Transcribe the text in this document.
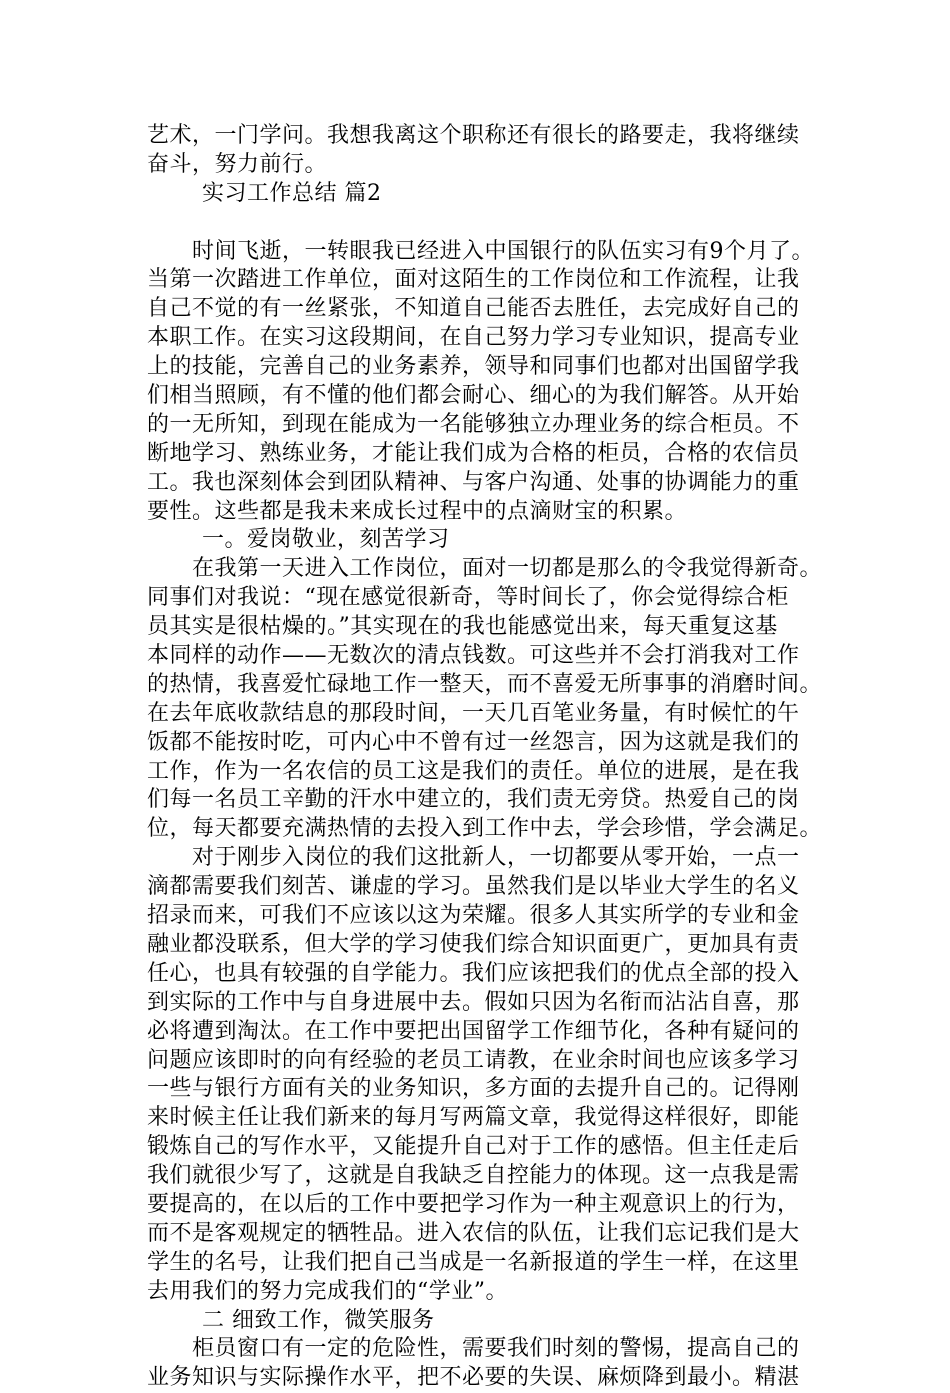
艺术，一门学问。我想我离这个职称还有很长的路要走，我将继续
奋斗，努力前行。
实习工作总结 篇2
　　时间飞逝，一转眼我已经进入中国银行的队伍实习有9个月了。
当第一次踏进工作单位，面对这陌生的工作岗位和工作流程，让我
自己不觉的有一丝紧张，不知道自己能否去胜任，去完成好自己的
本职工作。在实习这段期间，在自己努力学习专业知识，提高专业
上的技能，完善自己的业务素养，领导和同事们也都对出国留学我
们相当照顾，有不懂的他们都会耐心、细心的为我们解答。从开始
的一无所知，到现在能成为一名能够独立办理业务的综合柜员。不
断地学习、熟练业务，才能让我们成为合格的柜员，合格的农信员
工。我也深刻体会到团队精神、与客户沟通、处事的协调能力的重
要性。这些都是我未来成长过程中的点滴财宝的积累。
一。爱岗敬业，刻苦学习
　　在我第一天进入工作岗位，面对一切都是那么的令我觉得新奇。
同事们对我说：“现在感觉很新奇，等时间长了，你会觉得综合柜
员其实是很枯燥的。”其实现在的我也能感觉出来，每天重复这基
本同样的动作——无数次的清点钱数。可这些并不会打消我对工作
的热情，我喜爱忙碌地工作一整天，而不喜爱无所事事的消磨时间。
在去年底收款结息的那段时间，一天几百笔业务量，有时候忙的午
饭都不能按时吃，可内心中不曾有过一丝怨言，因为这就是我们的
工作，作为一名农信的员工这是我们的责任。单位的进展，是在我
们每一名员工辛勤的汗水中建立的，我们责无旁贷。热爱自己的岗
位，每天都要充满热情的去投入到工作中去，学会珍惜，学会满足。
　　对于刚步入岗位的我们这批新人，一切都要从零开始，一点一
滴都需要我们刻苦、谦虚的学习。虽然我们是以毕业大学生的名义
招录而来，可我们不应该以这为荣耀。很多人其实所学的专业和金
融业都没联系，但大学的学习使我们综合知识面更广，更加具有责
任心，也具有较强的自学能力。我们应该把我们的优点全部的投入
到实际的工作中与自身进展中去。假如只因为名衔而沾沾自喜，那
必将遭到淘汰。在工作中要把出国留学工作细节化，各种有疑问的
问题应该即时的向有经验的老员工请教，在业余时间也应该多学习
一些与银行方面有关的业务知识，多方面的去提升自己的。记得刚
来时候主任让我们新来的每月写两篇文章，我觉得这样很好，即能
锻炼自己的写作水平，又能提升自己对于工作的感悟。但主任走后
我们就很少写了，这就是自我缺乏自控能力的体现。这一点我是需
要提高的，在以后的工作中要把学习作为一种主观意识上的行为，
而不是客观规定的牺牲品。进入农信的队伍，让我们忘记我们是大
学生的名号，让我们把自己当成是一名新报道的学生一样，在这里
去用我们的努力完成我们的“学业”。
二 细致工作，微笑服务
　　柜员窗口有一定的危险性，需要我们时刻的警惕，提高自己的
业务知识与实际操作水平，把不必要的失误、麻烦降到最小。精湛
